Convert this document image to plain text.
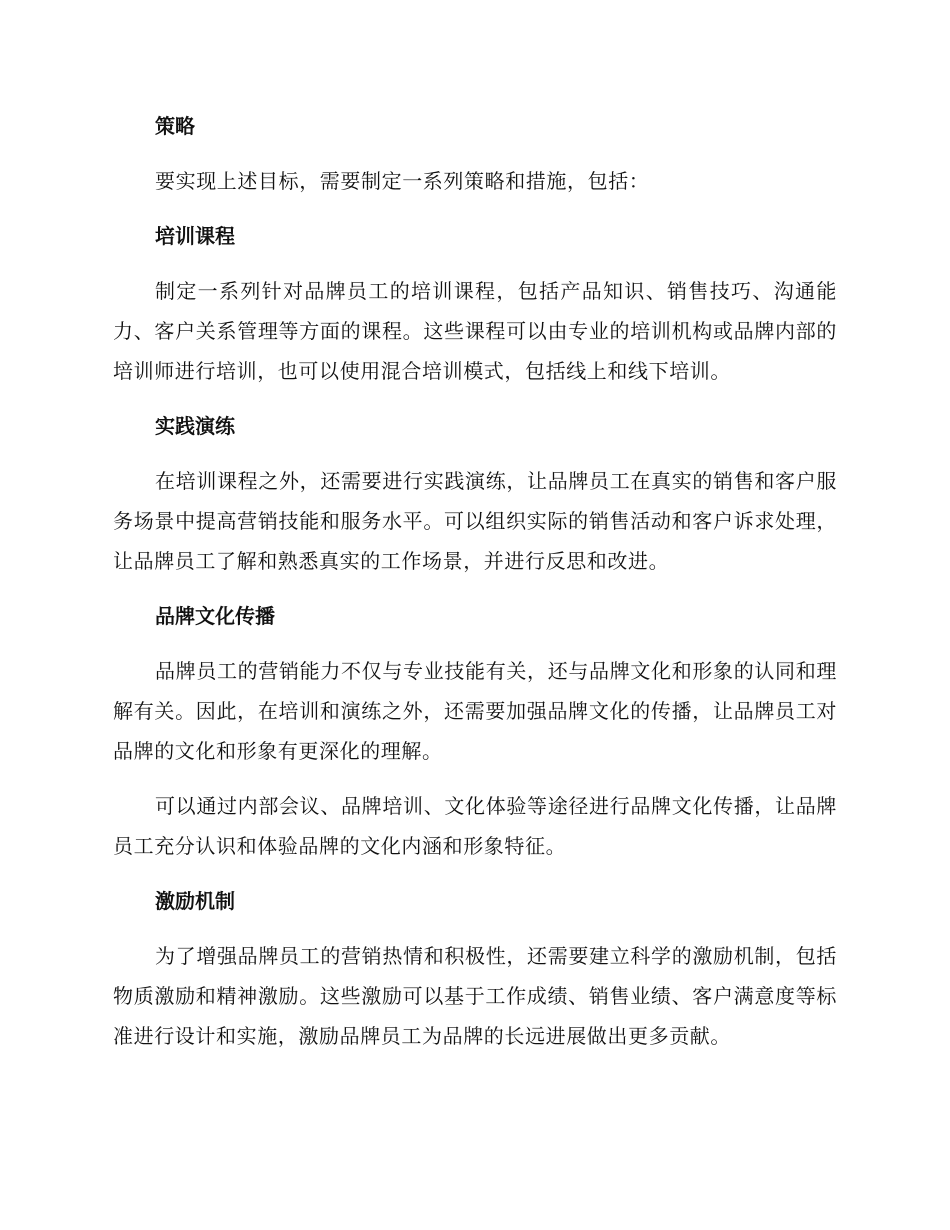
策略

要实现上述目标，需要制定一系列策略和措施，包括：

培训课程

制定一系列针对品牌员工的培训课程，包括产品知识、销售技巧、沟通能力、客户关系管理等方面的课程。这些课程可以由专业的培训机构或品牌内部的培训师进行培训，也可以使用混合培训模式，包括线上和线下培训。

实践演练

在培训课程之外，还需要进行实践演练，让品牌员工在真实的销售和客户服务场景中提高营销技能和服务水平。可以组织实际的销售活动和客户诉求处理，让品牌员工了解和熟悉真实的工作场景，并进行反思和改进。

品牌文化传播

品牌员工的营销能力不仅与专业技能有关，还与品牌文化和形象的认同和理解有关。因此，在培训和演练之外，还需要加强品牌文化的传播，让品牌员工对品牌的文化和形象有更深化的理解。

可以通过内部会议、品牌培训、文化体验等途径进行品牌文化传播，让品牌员工充分认识和体验品牌的文化内涵和形象特征。

激励机制

为了增强品牌员工的营销热情和积极性，还需要建立科学的激励机制，包括物质激励和精神激励。这些激励可以基于工作成绩、销售业绩、客户满意度等标准进行设计和实施，激励品牌员工为品牌的长远进展做出更多贡献。
